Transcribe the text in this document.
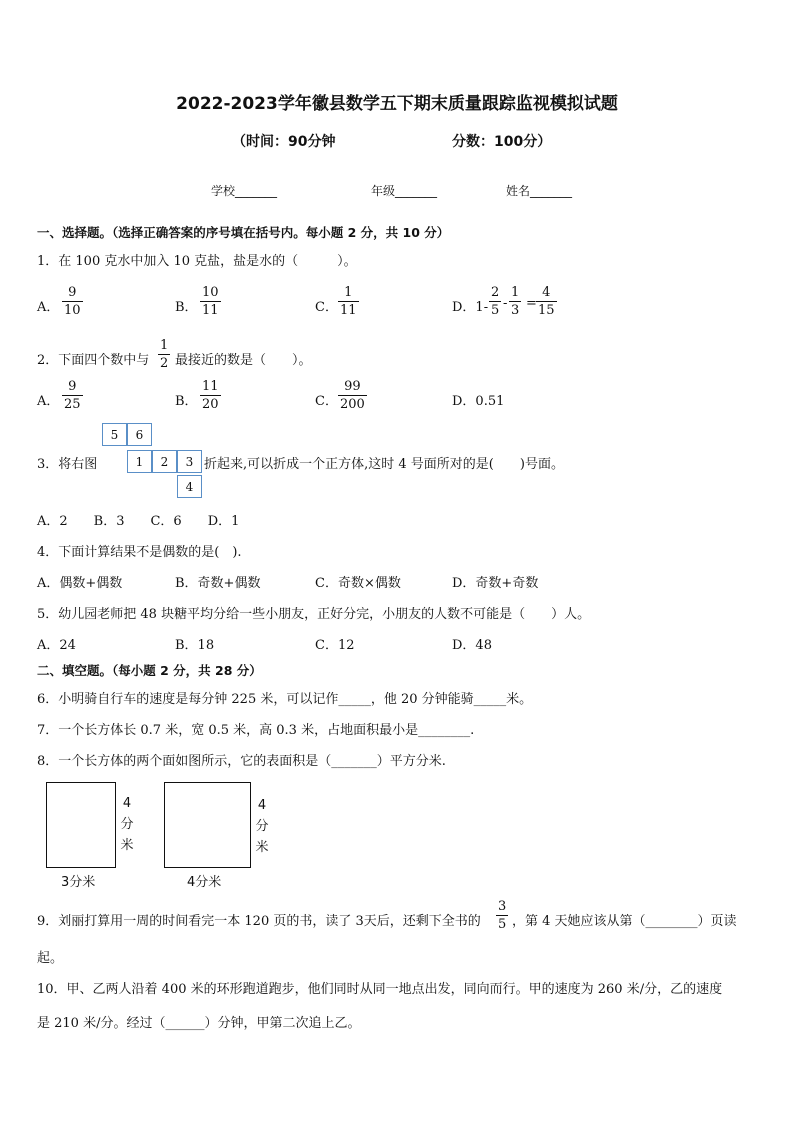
2022-2023学年徽县数学五下期末质量跟踪监视模拟试题
（时间：90分钟	分数：100分）
学校_______	年级_______	姓名_______
一、选择题。（选择正确答案的序号填在括号内。每小题 2 分，共 10 分）
1．在 100 克水中加入 10 克盐，盐是水的（　　　）。
A． $\frac{9}{10}$	B． $\frac{10}{11}$	C． $\frac{1}{11}$	D．$1- \frac{2}{5} - \frac{1}{3} = \frac{4}{15}$
2．下面四个数中与 $\frac{1}{2}$ 最接近的数是（　　）。
A． $\frac{9}{25}$	B． $\frac{11}{20}$	C． $\frac{99}{200}$	D．0.51
5	6
1	2	3
4
3．将右图	折起来,可以折成一个正方体,这时 4 号面所对的是(　　)号面。
A．2　　B．3　　C．6　　D．1
4．下面计算结果不是偶数的是(　).
A．偶数+偶数	B．奇数+偶数	C．奇数×偶数	D．奇数+奇数
5．幼儿园老师把 48 块糖平均分给一些小朋友，正好分完，小朋友的人数不可能是（　　）人。
A．24	B．18	C．12	D．48
二、填空题。（每小题 2 分，共 28 分）
6．小明骑自行车的速度是每分钟 225 米，可以记作_____，他 20 分钟能骑_____米。
7．一个长方体长 0.7 米，宽 0.5 米，高 0.3 米，占地面积最小是________.
8．一个长方体的两个面如图所示，它的表面积是（_______）平方分米.
4
分
米
3分米
4
分
米
4分米
9．刘丽打算用一周的时间看完一本 120 页的书，读了 3天后，还剩下全书的 $\frac{3}{5}$ ，第 4 天她应该从第（________）页读
起。
10．甲、乙两人沿着 400 米的环形跑道跑步，他们同时从同一地点出发，同向而行。甲的速度为 260 米/分，乙的速度
是 210 米/分。经过（______）分钟，甲第二次追上乙。
